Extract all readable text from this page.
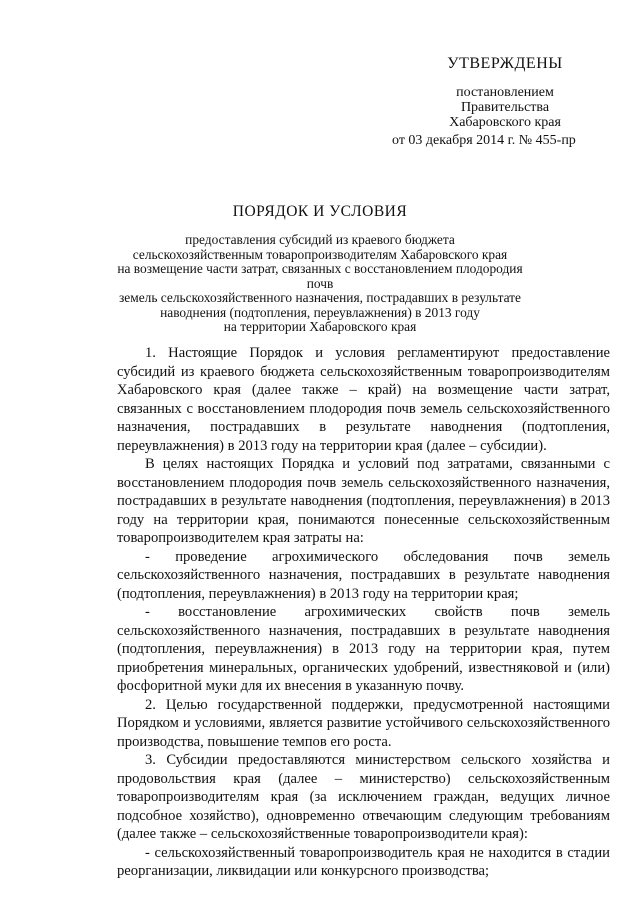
УТВЕРЖДЕНЫ
постановлением
Правительства
Хабаровского края
от 03 декабря 2014 г. № 455-пр
ПОРЯДОК И УСЛОВИЯ
предоставления субсидий из краевого бюджета
сельскохозяйственным товаропроизводителям Хабаровского края
на возмещение части затрат, связанных с восстановлением плодородия почв
земель сельскохозяйственного назначения, пострадавших в результате
наводнения (подтопления, переувлажнения) в 2013 году
на территории Хабаровского края

1. Настоящие Порядок и условия регламентируют предоставление субсидий из краевого бюджета сельскохозяйственным товаропроизводителям Хабаровского края (далее также – край) на возмещение части затрат, связанных с восстановлением плодородия почв земель сельскохозяйственного назначения, пострадавших в результате наводнения (подтопления, переувлажнения) в 2013 году на территории края (далее – субсидии).

В целях настоящих Порядка и условий под затратами, связанными с восстановлением плодородия почв земель сельскохозяйственного назначения, пострадавших в результате наводнения (подтопления, переувлажнения) в 2013 году на территории края, понимаются понесенные сельскохозяйственным товаропроизводителем края затраты на:

- проведение агрохимического обследования почв земель сельскохозяйственного назначения, пострадавших в результате наводнения (подтопления, переувлажнения) в 2013 году на территории края;

- восстановление агрохимических свойств почв земель сельскохозяйственного назначения, пострадавших в результате наводнения (подтопления, переувлажнения) в 2013 году на территории края, путем приобретения минеральных, органических удобрений, известняковой и (или) фосфоритной муки для их внесения в указанную почву.

2. Целью государственной поддержки, предусмотренной настоящими Порядком и условиями, является развитие устойчивого сельскохозяйственного производства, повышение темпов его роста.

3. Субсидии предоставляются министерством сельского хозяйства и продовольствия края (далее – министерство) сельскохозяйственным товаропроизводителям края (за исключением граждан, ведущих личное подсобное хозяйство), одновременно отвечающим следующим требованиям (далее также – сельскохозяйственные товаропроизводители края):

- сельскохозяйственный товаропроизводитель края не находится в стадии реорганизации, ликвидации или конкурсного производства;
